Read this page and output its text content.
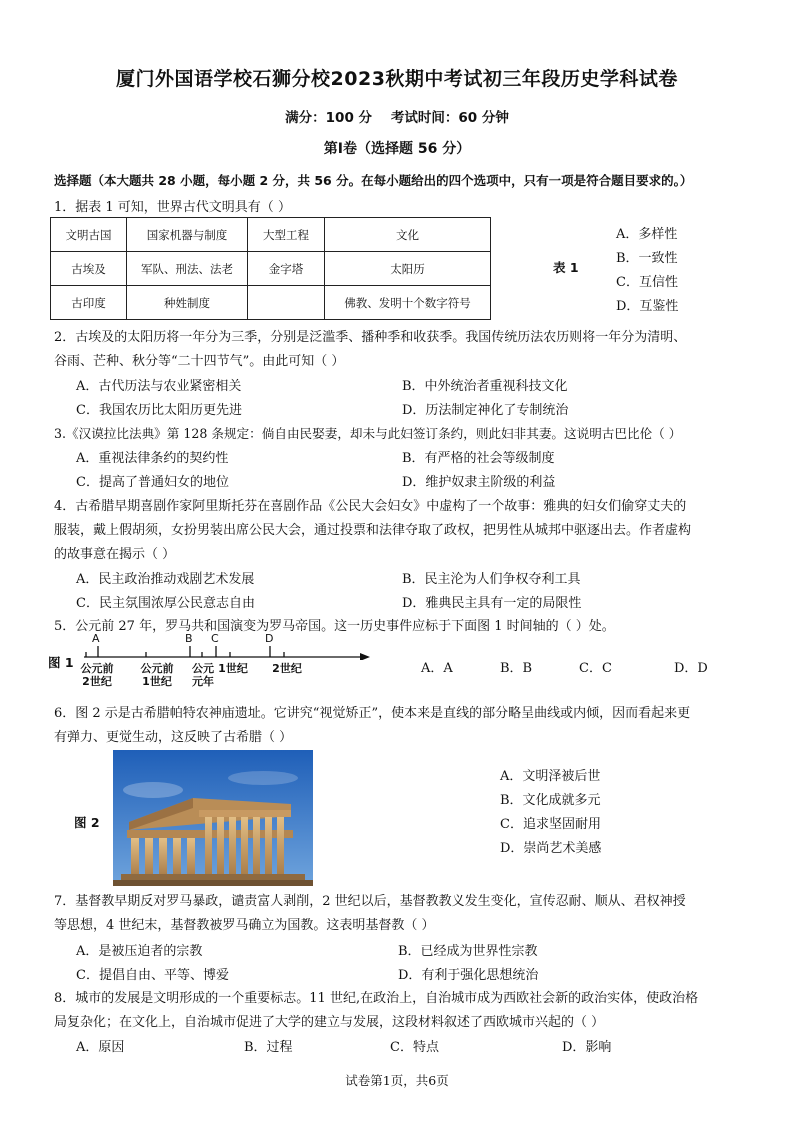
厦门外国语学校石狮分校2023秋期中考试初三年段历史学科试卷
满分：100 分    考试时间：60 分钟
第Ⅰ卷（选择题 56 分）
选择题（本大题共 28 小题，每小题 2 分，共 56 分。在每小题给出的四个选项中，只有一项是符合题目要求的。）
1．据表 1 可知，世界古代文明具有（ ）
文明古国	国家机器与制度	大型工程	文化
古埃及	军队、刑法、法老	金字塔	太阳历
古印度	种姓制度		佛教、发明十个数字符号
表 1
A．多样性
B．一致性
C．互信性
D．互鉴性
2．古埃及的太阳历将一年分为三季，分别是泛滥季、播种季和收获季。我国传统历法农历则将一年分为清明、
谷雨、芒种、秋分等“二十四节气”。由此可知（ ）
A．古代历法与农业紧密相关	B．中外统治者重视科技文化
C．我国农历比太阳历更先进	D．历法制定神化了专制统治
3.《汉谟拉比法典》第 128 条规定：倘自由民娶妻，却未与此妇签订条约，则此妇非其妻。这说明古巴比伦（ ）
A．重视法律条约的契约性	B．有严格的社会等级制度
C．提高了普通妇女的地位	D．维护奴隶主阶级的利益
4．古希腊早期喜剧作家阿里斯托芬在喜剧作品《公民大会妇女》中虚构了一个故事：雅典的妇女们偷穿丈夫的
服装，戴上假胡须，女扮男装出席公民大会，通过投票和法律夺取了政权，把男性从城邦中驱逐出去。作者虚构
的故事意在揭示（ ）
A．民主政治推动戏剧艺术发展	B．民主沦为人们争权夺利工具
C．民主氛围浓厚公民意志自由	D．雅典民主具有一定的局限性
5．公元前 27 年，罗马共和国演变为罗马帝国。这一历史事件应标于下面图 1 时间轴的（ ）处。
图 1
A	B C	D
公元前
2世纪
公元前
1世纪
公元
元年
1世纪 2世纪	A．A	B．B	C．C	D．D
6．图 2 示是古希腊帕特农神庙遗址。它讲究“视觉矫正”，使本来是直线的部分略呈曲线或内倾，因而看起来更
有弹力、更觉生动，这反映了古希腊（ ）
图 2
A．文明泽被后世
B．文化成就多元
C．追求坚固耐用
D．崇尚艺术美感
7．基督教早期反对罗马暴政，谴责富人剥削，2 世纪以后，基督教教义发生变化，宣传忍耐、顺从、君权神授
等思想，4 世纪末，基督教被罗马确立为国教。这表明基督教（ ）
A．是被压迫者的宗教	B．已经成为世界性宗教
C．提倡自由、平等、博爱	D．有利于强化思想统治
8．城市的发展是文明形成的一个重要标志。11 世纪,在政治上，自治城市成为西欧社会新的政治实体，使政治格
局复杂化；在文化上，自治城市促进了大学的建立与发展，这段材料叙述了西欧城市兴起的（ ）
A．原因	B．过程	C．特点	D．影响
试卷第1页，共6页
